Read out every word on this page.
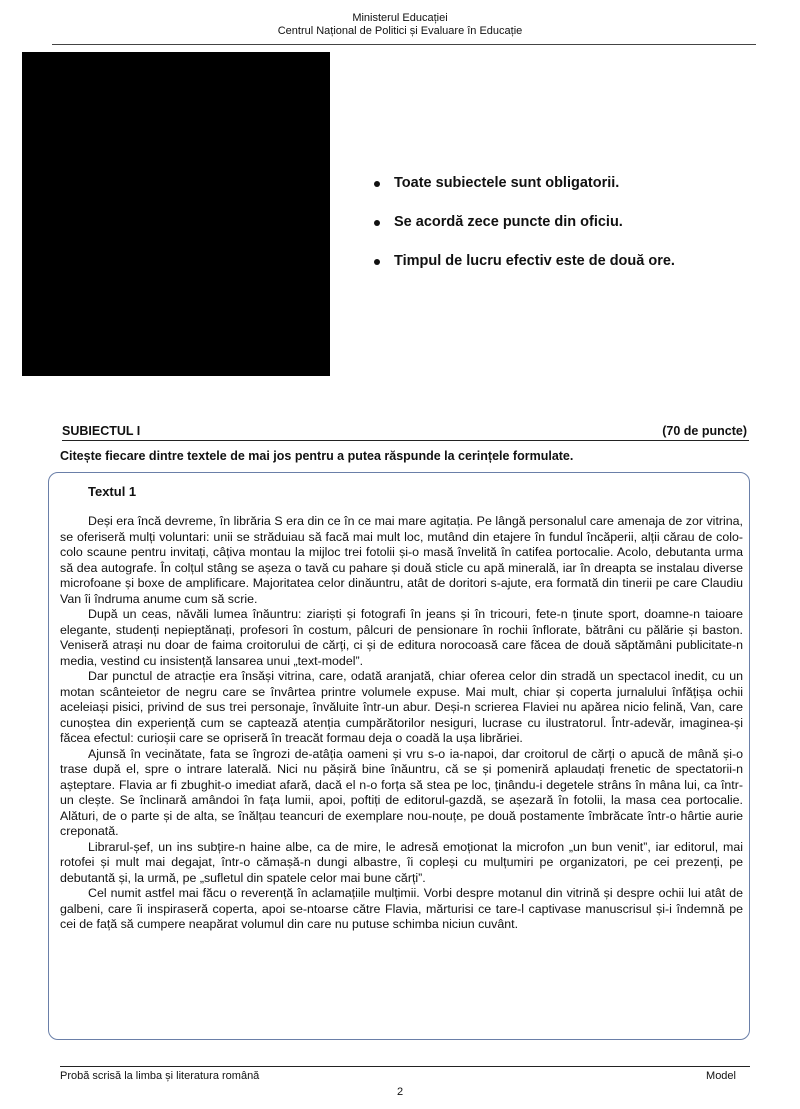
Ministerul Educației
Centrul Național de Politici și Evaluare în Educație
Toate subiectele sunt obligatorii.
Se acordă zece puncte din oficiu.
Timpul de lucru efectiv este de două ore.
SUBIECTUL I	(70 de puncte)
Citește fiecare dintre textele de mai jos pentru a putea răspunde la cerințele formulate.
Textul 1

Deși era încă devreme, în librăria S era din ce în ce mai mare agitația. Pe lângă personalul care amenaja de zor vitrina, se oferiseră mulți voluntari: unii se străduiau să facă mai mult loc, mutând din etajere în fundul încăperii, alții cărau de colo-colo scaune pentru invitați, câțiva montau la mijloc trei fotolii și-o masă învelită în catifea portocalie. Acolo, debutanta urma să dea autografe. În colțul stâng se așeza o tavă cu pahare și două sticle cu apă minerală, iar în dreapta se instalau diverse microfoane și boxe de amplificare. Majoritatea celor dinăuntru, atât de doritori s-ajute, era formată din tinerii pe care Claudiu Van îi îndruma anume cum să scrie.

După un ceas, năvăli lumea înăuntru: ziariști și fotografi în jeans și în tricouri, fete-n ținute sport, doamne-n taioare elegante, studenți nepieptănați, profesori în costum, pâlcuri de pensionare în rochii înflorate, bătrâni cu pălărie și baston. Veniseră atrași nu doar de faima croitorului de cărți, ci și de editura norocoasă care făcea de două săptămâni publicitate-n media, vestind cu insistență lansarea unui „text-model”.

Dar punctul de atracție era însăși vitrina, care, odată aranjată, chiar oferea celor din stradă un spectacol inedit, cu un motan scânteietor de negru care se învârtea printre volumele expuse. Mai mult, chiar și coperta jurnalului înfățișa ochii aceleiași pisici, privind de sus trei personaje, învăluite într-un abur. Deși-n scrierea Flaviei nu apărea nicio felină, Van, care cunoștea din experiență cum se captează atenția cumpărătorilor nesiguri, lucrase cu ilustratorul. Într-adevăr, imaginea-și făcea efectul: curioșii care se opriseră în treacăt formau deja o coadă la ușa librăriei.

Ajunsă în vecinătate, fata se îngrozi de-atâția oameni și vru s-o ia-napoi, dar croitorul de cărți o apucă de mână și-o trase după el, spre o intrare laterală. Nici nu pășiră bine înăuntru, că se și pomeniră aplaudați frenetic de spectatorii-n așteptare. Flavia ar fi zbughit-o imediat afară, dacă el n-o forța să stea pe loc, ținându-i degetele strâns în mâna lui, ca într-un clește. Se înclinară amândoi în fața lumii, apoi, poftiți de editorul-gazdă, se așezară în fotolii, la masa cea portocalie. Alături, de o parte și de alta, se înălțau teancuri de exemplare nou-nouțe, pe două postamente îmbrăcate într-o hârtie aurie creponată.

Librarul-șef, un ins subțire-n haine albe, ca de mire, le adresă emoționat la microfon „un bun venit”, iar editorul, mai rotofei și mult mai degajat, într-o cămașă-n dungi albastre, îi copleși cu mulțumiri pe organizatori, pe cei prezenți, pe debutantă și, la urmă, pe „sufletul din spatele celor mai bune cărți”.

Cel numit astfel mai făcu o reverență în aclamațiile mulțimii. Vorbi despre motanul din vitrină și despre ochii lui atât de galbeni, care îi inspiraseră coperta, apoi se-ntoarse către Flavia, mărturisi ce tare-l captivase manuscrisul și-i îndemnă pe cei de față să cumpere neapărat volumul din care nu putuse schimba niciun cuvânt.

Probă scrisă la limba și literatura română	Model
2
